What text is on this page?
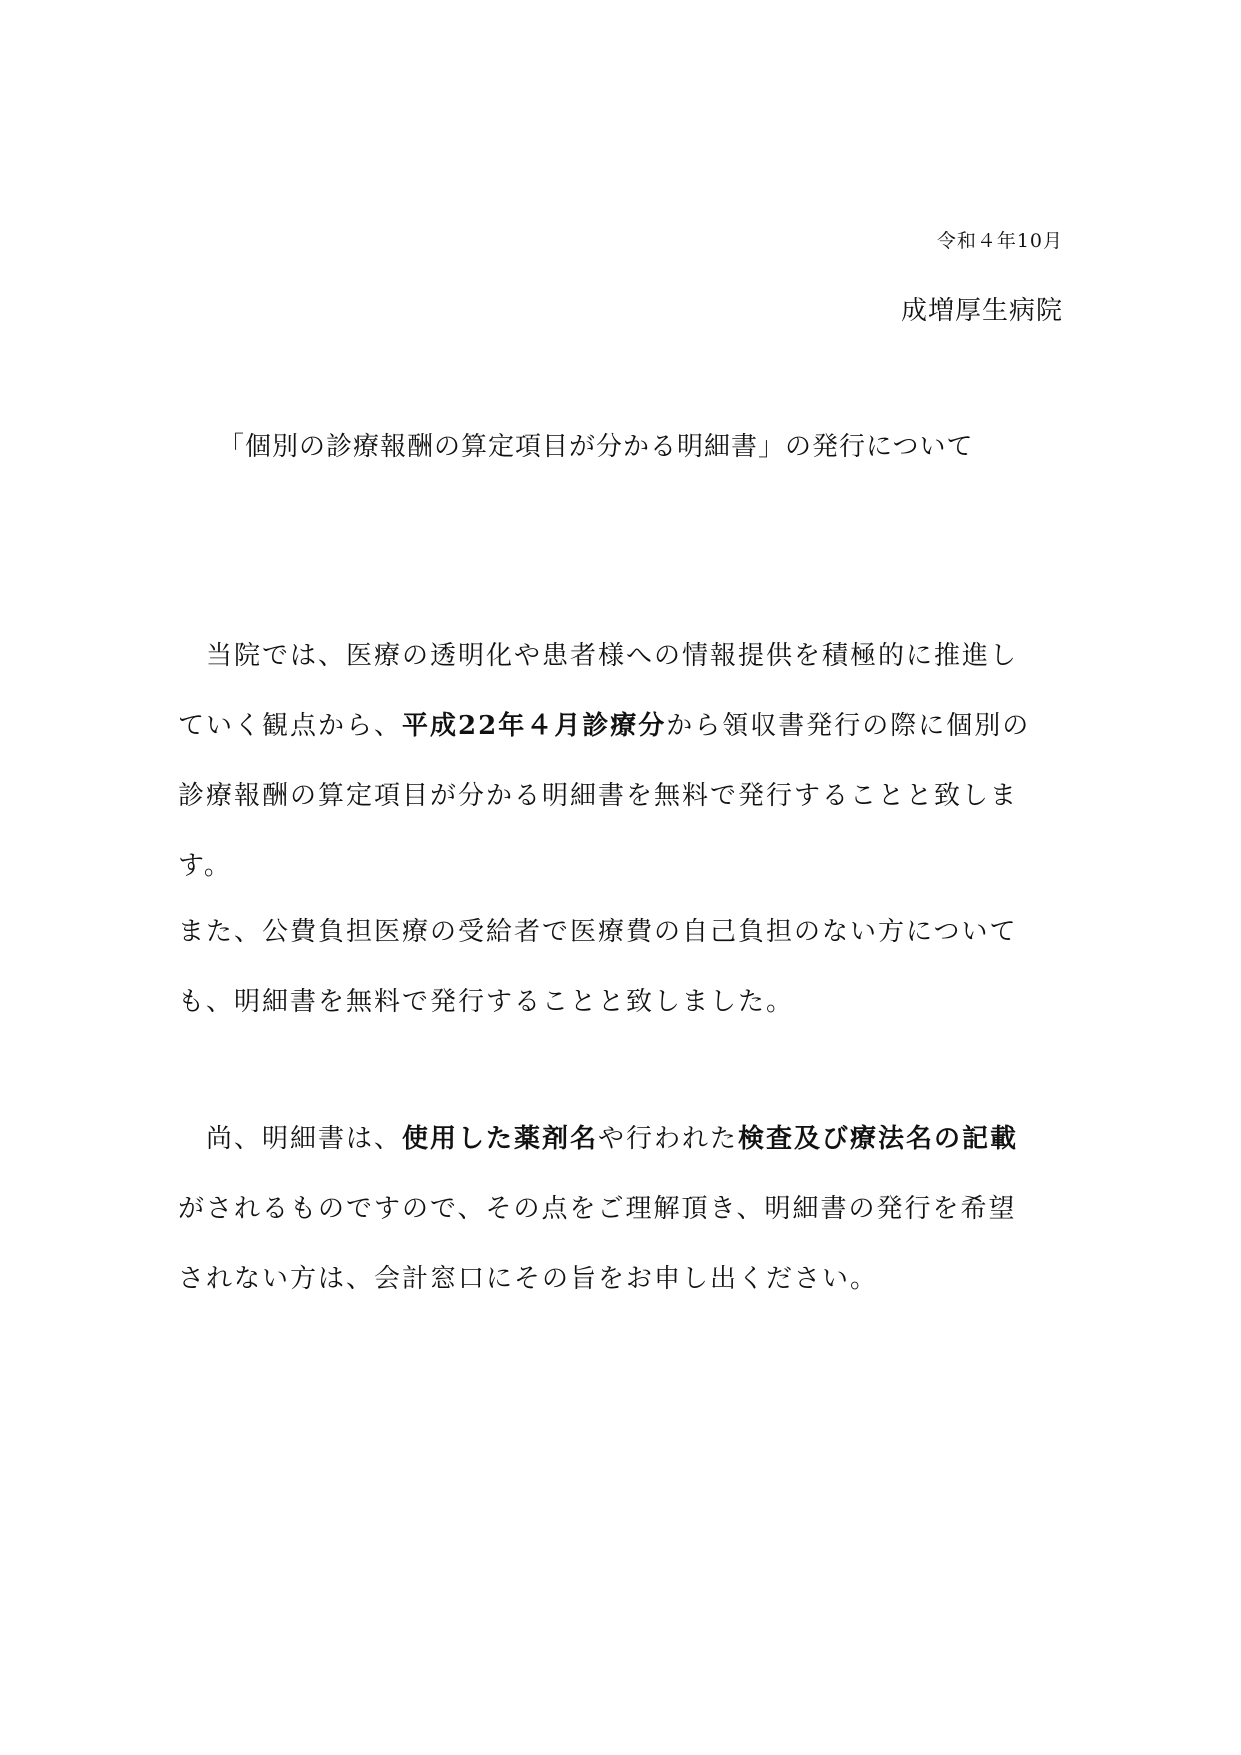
令和４年10月
成増厚生病院
「個別の診療報酬の算定項目が分かる明細書」の発行について
当院では、医療の透明化や患者様への情報提供を積極的に推進し
ていく観点から、平成22年４月診療分から領収書発行の際に個別の
診療報酬の算定項目が分かる明細書を無料で発行することと致しま
す。
また、公費負担医療の受給者で医療費の自己負担のない方について
も、明細書を無料で発行することと致しました。
尚、明細書は、使用した薬剤名や行われた検査及び療法名の記載
がされるものですので、その点をご理解頂き、明細書の発行を希望
されない方は、会計窓口にその旨をお申し出ください。
